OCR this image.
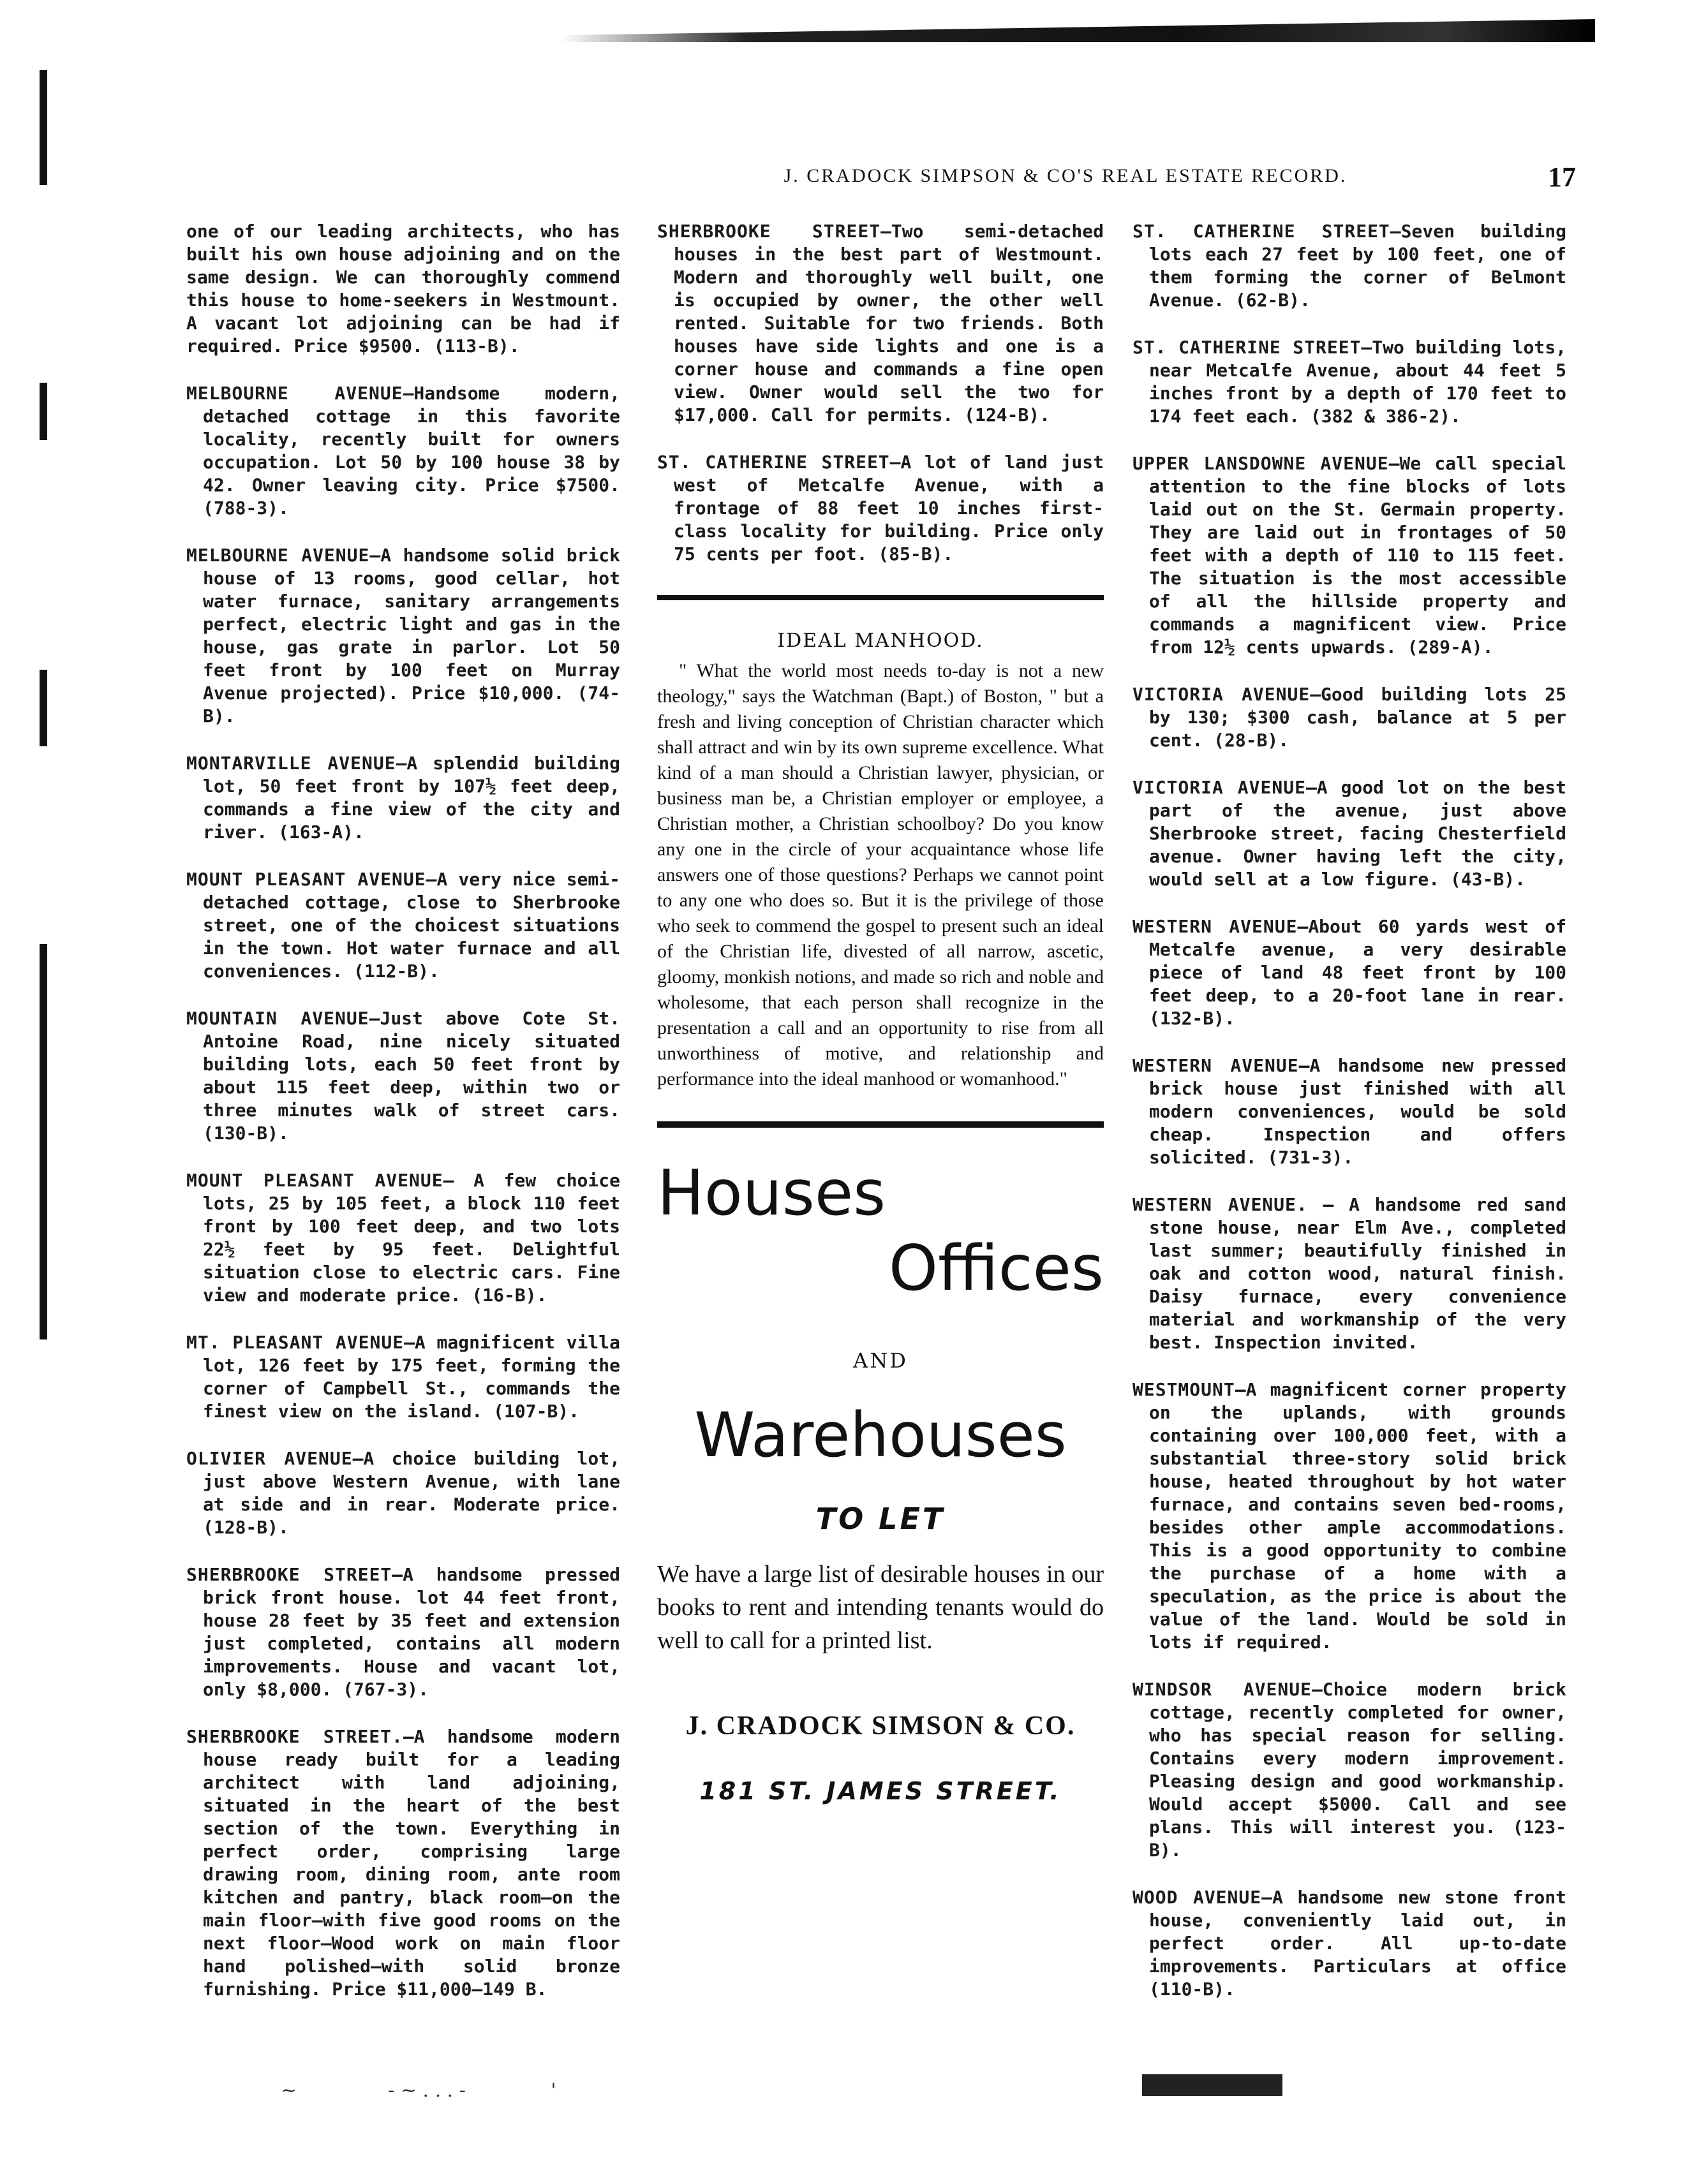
J. CRADOCK SIMPSON & CO'S REAL ESTATE RECORD.	17

one of our leading architects, who has built his own house adjoining and on the same design. We can thoroughly commend this house to home-seekers in Westmount. A vacant lot adjoining can be had if required. Price $9500. (113-B).

MELBOURNE AVENUE—Handsome modern, detached cottage in this favorite locality, recently built for owners occupation. Lot 50 by 100 house 38 by 42. Owner leaving city. Price $7500. (788-3).

MELBOURNE AVENUE—A handsome solid brick house of 13 rooms, good cellar, hot water furnace, sanitary arrangements perfect, electric light and gas in the house, gas grate in parlor. Lot 50 feet front by 100 feet on Murray Avenue projected). Price $10,000. (74-B).

MONTARVILLE AVENUE—A splendid building lot, 50 feet front by 107½ feet deep, commands a fine view of the city and river. (163-A).

MOUNT PLEASANT AVENUE—A very nice semi-detached cottage, close to Sherbrooke street, one of the choicest situations in the town. Hot water furnace and all conveniences. (112-B).

MOUNTAIN AVENUE—Just above Cote St. Antoine Road, nine nicely situated building lots, each 50 feet front by about 115 feet deep, within two or three minutes walk of street cars. (130-B).

MOUNT PLEASANT AVENUE— A few choice lots, 25 by 105 feet, a block 110 feet front by 100 feet deep, and two lots 22½ feet by 95 feet. Delightful situation close to electric cars. Fine view and moderate price. (16-B).

MT. PLEASANT AVENUE—A magnificent villa lot, 126 feet by 175 feet, forming the corner of Campbell St., commands the finest view on the island. (107-B).

OLIVIER AVENUE—A choice building lot, just above Western Avenue, with lane at side and in rear. Moderate price. (128-B).

SHERBROOKE STREET—A handsome pressed brick front house. lot 44 feet front, house 28 feet by 35 feet and extension just completed, contains all modern improvements. House and vacant lot, only $8,000. (767-3).

SHERBROOKE STREET.—A handsome modern house ready built for a leading architect with land adjoining, situated in the heart of the best section of the town. Everything in perfect order, comprising large drawing room, dining room, ante room kitchen and pantry, black room—on the main floor—with five good rooms on the next floor—Wood work on main floor hand polished—with solid bronze furnishing. Price $11,000—149 B.

SHERBROOKE STREET—Two semi-detached houses in the best part of Westmount. Modern and thoroughly well built, one is occupied by owner, the other well rented. Suitable for two friends. Both houses have side lights and one is a corner house and commands a fine open view. Owner would sell the two for $17,000. Call for permits. (124-B).

ST. CATHERINE STREET—A lot of land just west of Metcalfe Avenue, with a frontage of 88 feet 10 inches first-class locality for building. Price only 75 cents per foot. (85-B).

IDEAL MANHOOD.

" What the world most needs to-day is not a new theology," says the Watchman (Bapt.) of Boston, " but a fresh and living conception of Christian character which shall attract and win by its own supreme excellence. What kind of a man should a Christian lawyer, physician, or business man be, a Christian employer or employee, a Christian mother, a Christian schoolboy? Do you know any one in the circle of your acquaintance whose life answers one of those questions? Perhaps we cannot point to any one who does so. But it is the privilege of those who seek to commend the gospel to present such an ideal of the Christian life, divested of all narrow, ascetic, gloomy, monkish notions, and made so rich and noble and wholesome, that each person shall recognize in the presentation a call and an opportunity to rise from all unworthiness of motive, and relationship and performance into the ideal manhood or womanhood."

Houses
Offices
AND
Warehouses
TO LET
We have a large list of desirable houses in our books to rent and intending tenants would do well to call for a printed list.
J. CRADOCK SIMSON & CO.
181 ST. JAMES STREET.

ST. CATHERINE STREET—Seven building lots each 27 feet by 100 feet, one of them forming the corner of Belmont Avenue. (62-B).

ST. CATHERINE STREET—Two building lots, near Metcalfe Avenue, about 44 feet 5 inches front by a depth of 170 feet to 174 feet each. (382 & 386-2).

UPPER LANSDOWNE AVENUE—We call special attention to the fine blocks of lots laid out on the St. Germain property. They are laid out in frontages of 50 feet with a depth of 110 to 115 feet. The situation is the most accessible of all the hillside property and commands a magnificent view. Price from 12½ cents upwards. (289-A).

VICTORIA AVENUE—Good building lots 25 by 130; $300 cash, balance at 5 per cent. (28-B).

VICTORIA AVENUE—A good lot on the best part of the avenue, just above Sherbrooke street, facing Chesterfield avenue. Owner having left the city, would sell at a low figure. (43-B).

WESTERN AVENUE—About 60 yards west of Metcalfe avenue, a very desirable piece of land 48 feet front by 100 feet deep, to a 20-foot lane in rear. (132-B).

WESTERN AVENUE—A handsome new pressed brick house just finished with all modern conveniences, would be sold cheap. Inspection and offers solicited. (731-3).

WESTERN AVENUE. — A handsome red sand stone house, near Elm Ave., completed last summer; beautifully finished in oak and cotton wood, natural finish. Daisy furnace, every convenience material and workmanship of the very best. Inspection invited.

WESTMOUNT—A magnificent corner property on the uplands, with grounds containing over 100,000 feet, with a substantial three-story solid brick house, heated throughout by hot water furnace, and contains seven bed-rooms, besides other ample accommodations. This is a good opportunity to combine the purchase of a home with a speculation, as the price is about the value of the land. Would be sold in lots if required.

WINDSOR AVENUE—Choice modern brick cottage, recently completed for owner, who has special reason for selling. Contains every modern improvement. Pleasing design and good workmanship. Would accept $5000. Call and see plans. This will interest you. (123-B).

WOOD AVENUE—A handsome new stone front house, conveniently laid out, in perfect order. All up-to-date improvements. Particulars at office (110-B).

~               - ~ . . . -              '
